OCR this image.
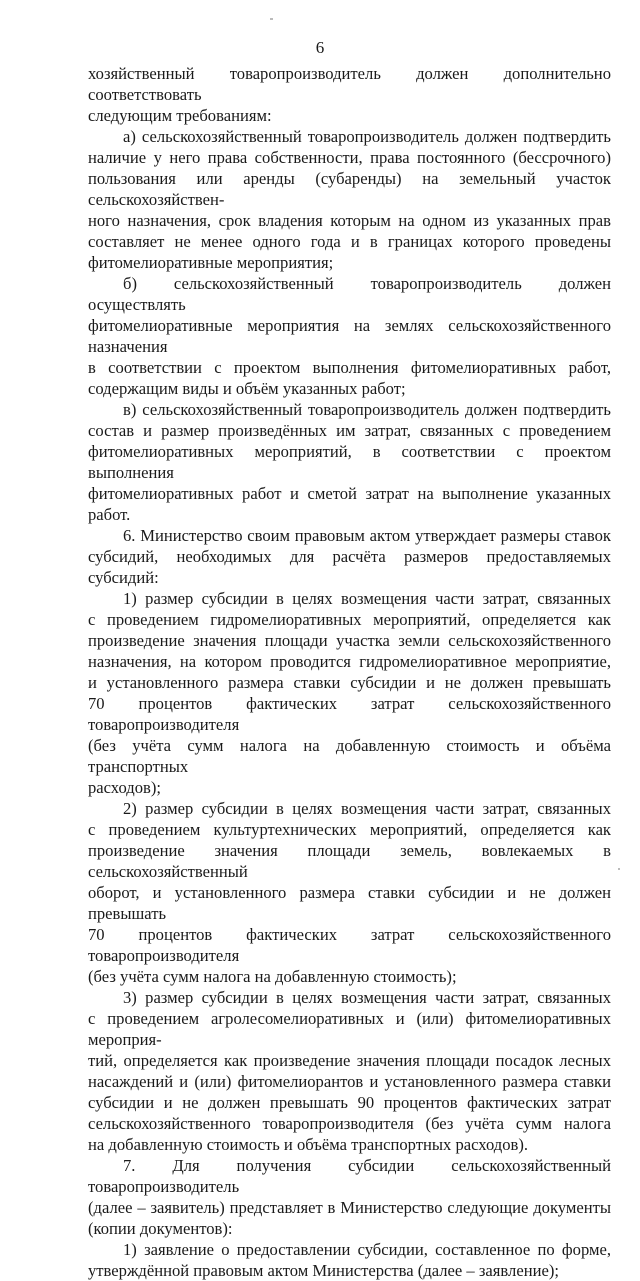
6
хозяйственный товаропроизводитель должен дополнительно соответствовать
следующим требованиям:
а) сельскохозяйственный товаропроизводитель должен подтвердить
наличие у него права собственности, права постоянного (бессрочного)
пользования или аренды (субаренды) на земельный участок сельскохозяйствен-
ного назначения, срок владения которым на одном из указанных прав
составляет не менее одного года и в границах которого проведены
фитомелиоративные мероприятия;
б) сельскохозяйственный товаропроизводитель должен осуществлять
фитомелиоративные мероприятия на землях сельскохозяйственного назначения
в соответствии с проектом выполнения фитомелиоративных работ,
содержащим виды и объём указанных работ;
в) сельскохозяйственный товаропроизводитель должен подтвердить
состав и размер произведённых им затрат, связанных с проведением
фитомелиоративных мероприятий, в соответствии с проектом выполнения
фитомелиоративных работ и сметой затрат на выполнение указанных работ.
6. Министерство своим правовым актом утверждает размеры ставок
субсидий, необходимых для расчёта размеров предоставляемых субсидий:
1) размер субсидии в целях возмещения части затрат, связанных
с проведением гидромелиоративных мероприятий, определяется как
произведение значения площади участка земли сельскохозяйственного
назначения, на котором проводится гидромелиоративное мероприятие,
и установленного размера ставки субсидии и не должен превышать
70 процентов фактических затрат сельскохозяйственного товаропроизводителя
(без учёта сумм налога на добавленную стоимость и объёма транспортных
расходов);
2) размер субсидии в целях возмещения части затрат, связанных
с проведением культуртехнических мероприятий, определяется как
произведение значения площади земель, вовлекаемых в сельскохозяйственный
оборот, и установленного размера ставки субсидии и не должен превышать
70 процентов фактических затрат сельскохозяйственного товаропроизводителя
(без учёта сумм налога на добавленную стоимость);
3) размер субсидии в целях возмещения части затрат, связанных
с проведением агролесомелиоративных и (или) фитомелиоративных мероприя-
тий, определяется как произведение значения площади посадок лесных
насаждений и (или) фитомелиорантов и установленного размера ставки
субсидии и не должен превышать 90 процентов фактических затрат
сельскохозяйственного товаропроизводителя (без учёта сумм налога
на добавленную стоимость и объёма транспортных расходов).
7. Для получения субсидии сельскохозяйственный товаропроизводитель
(далее – заявитель) представляет в Министерство следующие документы
(копии документов):
1) заявление о предоставлении субсидии, составленное по форме,
утверждённой правовым актом Министерства (далее – заявление);
